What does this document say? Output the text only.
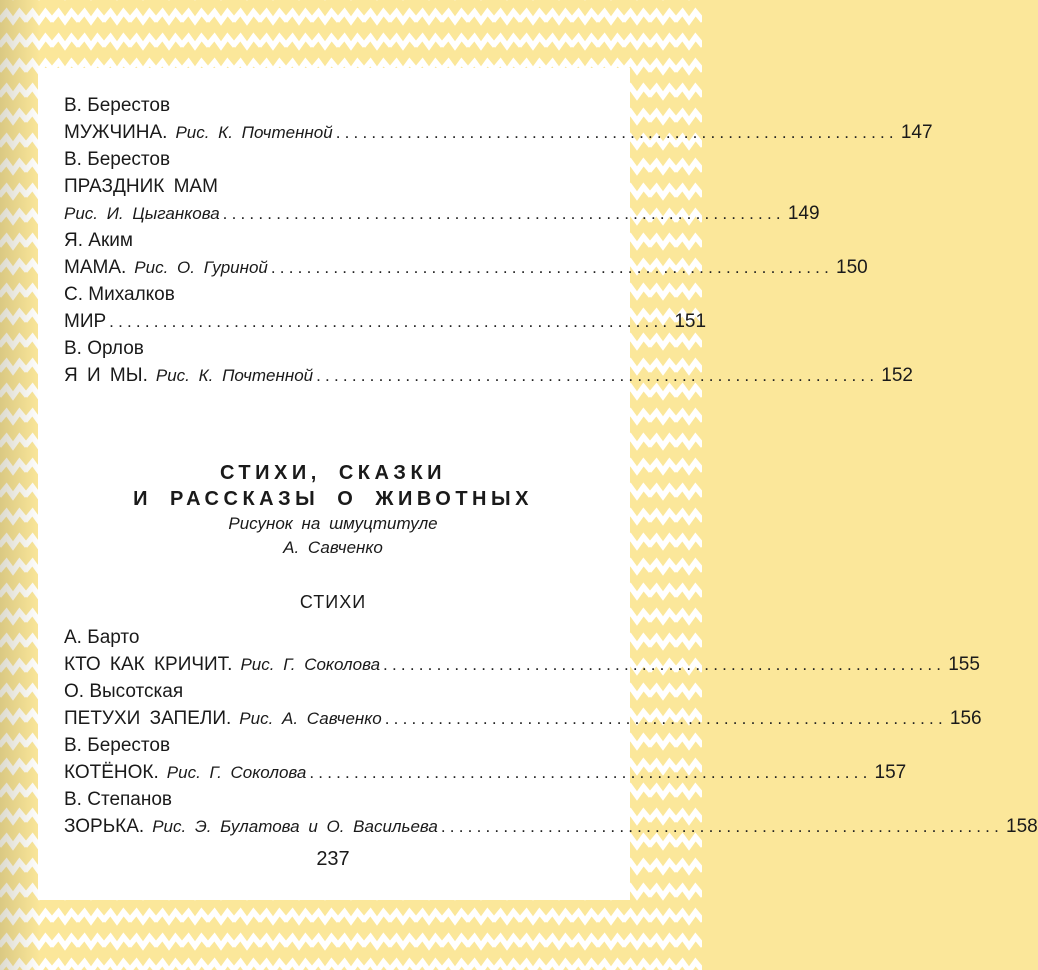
В. Берестов
МУЖЧИНА. Рис. К. Почтенной ............................................................... 147
В. Берестов
ПРАЗДНИК МАМ
Рис. И. Цыганкова ............................................................... 149
Я. Аким
МАМА. Рис. О. Гуриной ............................................................... 150
С. Михалков
МИР ............................................................... 151
В. Орлов
Я И МЫ. Рис. К. Почтенной ............................................................... 152
СТИХИ, СКАЗКИ
И РАССКАЗЫ О ЖИВОТНЫХ
Рисунок на шмуцтитуле
А. Савченко
СТИХИ
А. Барто
КТО КАК КРИЧИТ. Рис. Г. Соколова ............................................................... 155
О. Высотская
ПЕТУХИ ЗАПЕЛИ. Рис. А. Савченко ............................................................... 156
В. Берестов
КОТЁНОК. Рис. Г. Соколова ............................................................... 157
В. Степанов
ЗОРЬКА. Рис. Э. Булатова и О. Васильева ............................................................... 158
237
